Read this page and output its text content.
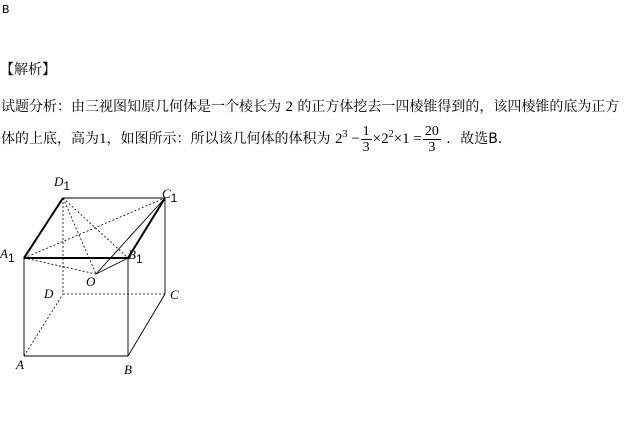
B
【解析】
试题分析：由三视图知原几何体是一个棱长为 2 的正方体挖去一四棱锥得到的，该四棱锥的底为正方
体的上底，高为1，如图所示：所以该几何体的体积为 $2^3 - \frac{1}{3} \times 2^2\times 1 = \frac{20}{3}$ ．故选B．
D1	C1
A1	B1
O
D	C
A	B
